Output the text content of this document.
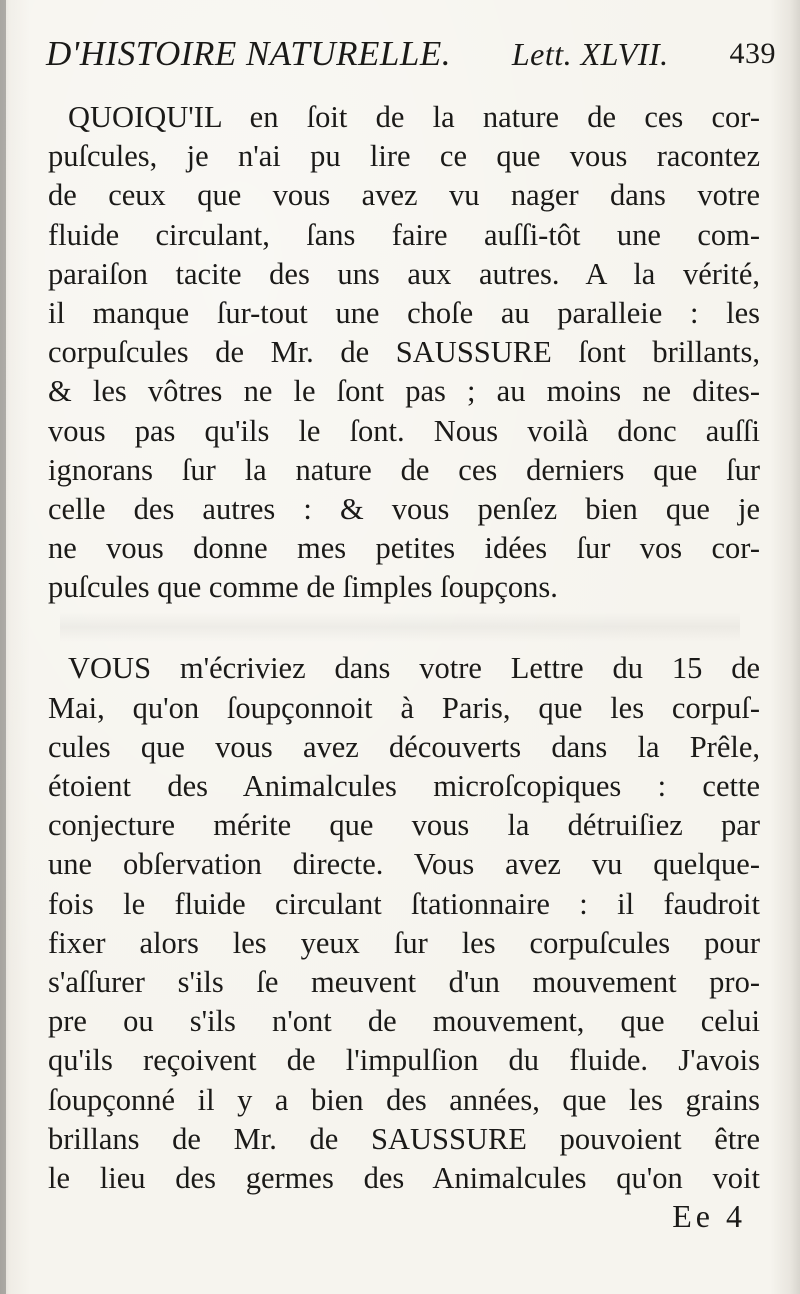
D'HISTOIRE NATURELLE. Lett. XLVII. 439
QUOIQU'IL en ſoit de la nature de ces cor-
puſcules, je n'ai pu lire ce que vous racontez
de ceux que vous avez vu nager dans votre
fluide circulant, ſans faire auſſi-tôt une com-
paraiſon tacite des uns aux autres. A la vérité,
il manque ſur-tout une choſe au paralleie : les
corpuſcules de Mr. de SAUSSURE ſont brillants,
& les vôtres ne le ſont pas ; au moins ne dites-
vous pas qu'ils le ſont. Nous voilà donc auſſi
ignorans ſur la nature de ces derniers que ſur
celle des autres : & vous penſez bien que je
ne vous donne mes petites idées ſur vos cor-
puſcules que comme de ſimples ſoupçons.
VOUS m'écriviez dans votre Lettre du 15 de
Mai, qu'on ſoupçonnoit à Paris, que les corpuſ-
cules que vous avez découverts dans la Prêle,
étoient des Animalcules microſcopiques : cette
conjecture mérite que vous la détruiſiez par
une obſervation directe. Vous avez vu quelque-
fois le fluide circulant ſtationnaire : il faudroit
fixer alors les yeux ſur les corpuſcules pour
s'aſſurer s'ils ſe meuvent d'un mouvement pro-
pre ou s'ils n'ont de mouvement, que celui
qu'ils reçoivent de l'impulſion du fluide. J'avois
ſoupçonné il y a bien des années, que les grains
brillans de Mr. de SAUSSURE pouvoient être
le lieu des germes des Animalcules qu'on voit
Ee 4
